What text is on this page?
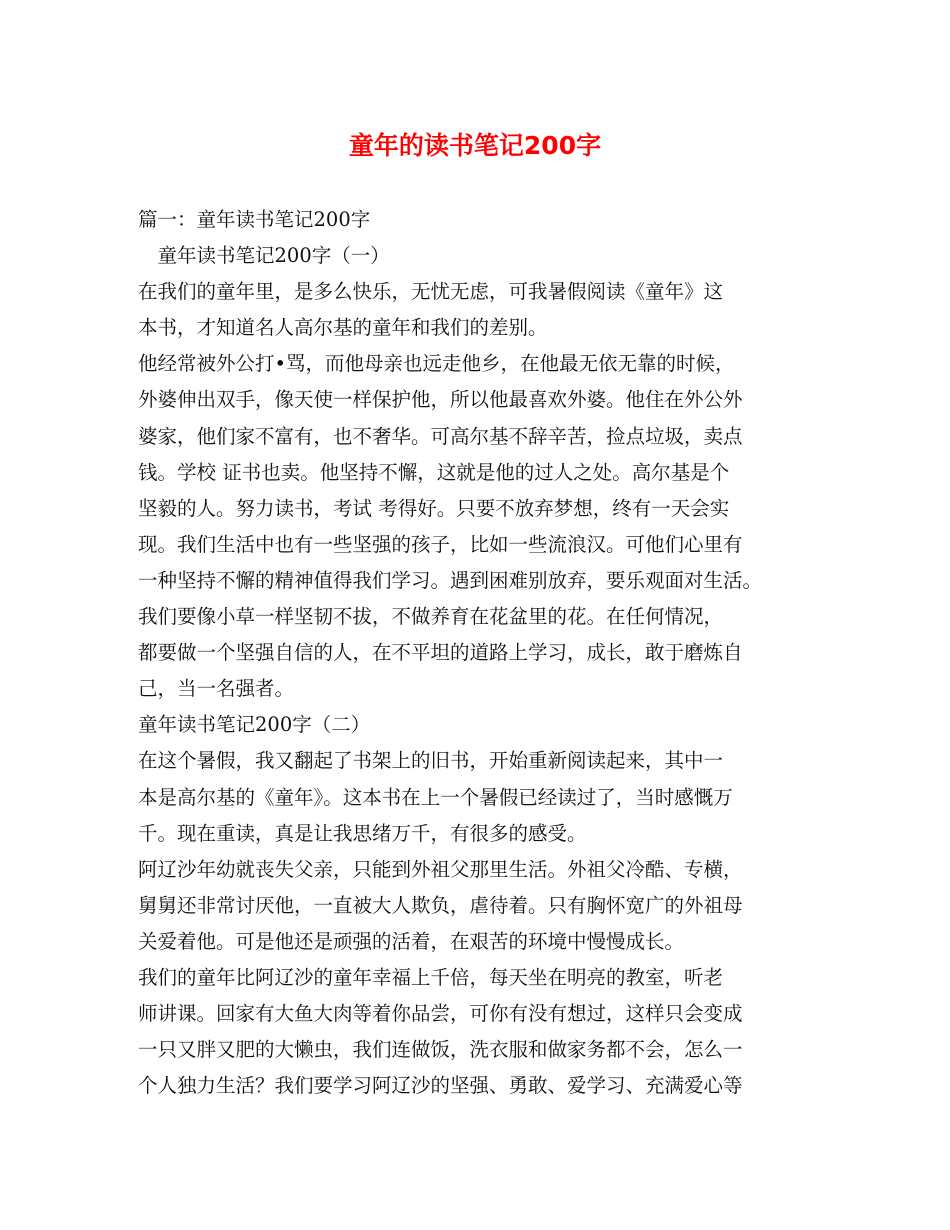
童年的读书笔记200字
篇一：童年读书笔记200字
　童年读书笔记200字（一）
在我们的童年里，是多么快乐，无忧无虑，可我暑假阅读《童年》这
本书，才知道名人高尔基的童年和我们的差别。
他经常被外公打•骂，而他母亲也远走他乡，在他最无依无靠的时候，
外婆伸出双手，像天使一样保护他，所以他最喜欢外婆。他住在外公外
婆家，他们家不富有，也不奢华。可高尔基不辞辛苦，捡点垃圾，卖点
钱。学校 证书也卖。他坚持不懈，这就是他的过人之处。高尔基是个
坚毅的人。努力读书，考试 考得好。只要不放弃梦想，终有一天会实
现。我们生活中也有一些坚强的孩子，比如一些流浪汉。可他们心里有
一种坚持不懈的精神值得我们学习。遇到困难别放弃，要乐观面对生活。
我们要像小草一样坚韧不拔，不做养育在花盆里的花。在任何情况，
都要做一个坚强自信的人，在不平坦的道路上学习，成长，敢于磨炼自
己，当一名强者。
童年读书笔记200字（二）
在这个暑假，我又翻起了书架上的旧书，开始重新阅读起来，其中一
本是高尔基的《童年》。这本书在上一个暑假已经读过了，当时感慨万
千。现在重读，真是让我思绪万千，有很多的感受。
阿辽沙年幼就丧失父亲，只能到外祖父那里生活。外祖父冷酷、专横，
舅舅还非常讨厌他，一直被大人欺负，虐待着。只有胸怀宽广的外祖母
关爱着他。可是他还是顽强的活着，在艰苦的环境中慢慢成长。
我们的童年比阿辽沙的童年幸福上千倍，每天坐在明亮的教室，听老
师讲课。回家有大鱼大肉等着你品尝，可你有没有想过，这样只会变成
一只又胖又肥的大懒虫，我们连做饭，洗衣服和做家务都不会，怎么一
个人独力生活？我们要学习阿辽沙的坚强、勇敢、爱学习、充满爱心等
